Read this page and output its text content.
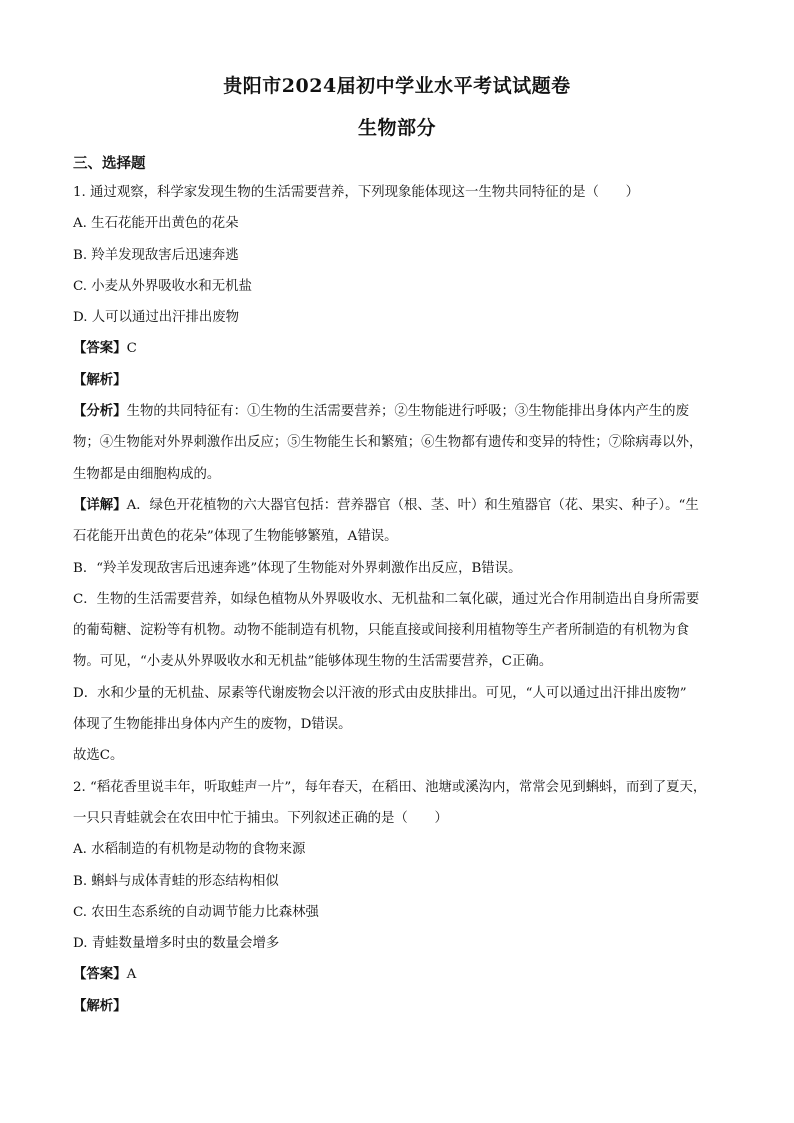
贵阳市2024届初中学业水平考试试题卷
生物部分
三、选择题
1. 通过观察，科学家发现生物的生活需要营养，下列现象能体现这一生物共同特征的是（　　）
A. 生石花能开出黄色的花朵
B. 羚羊发现敌害后迅速奔逃
C. 小麦从外界吸收水和无机盐
D. 人可以通过出汗排出废物
【答案】C
【解析】
【分析】生物的共同特征有：①生物的生活需要营养；②生物能进行呼吸；③生物能排出身体内产生的废
物；④生物能对外界刺激作出反应；⑤生物能生长和繁殖；⑥生物都有遗传和变异的特性；⑦除病毒以外，
生物都是由细胞构成的。
【详解】A．绿色开花植物的六大器官包括：营养器官（根、茎、叶）和生殖器官（花、果实、种子）。“生
石花能开出黄色的花朵”体现了生物能够繁殖，A错误。
B．“羚羊发现敌害后迅速奔逃”体现了生物能对外界刺激作出反应，B错误。
C．生物的生活需要营养，如绿色植物从外界吸收水、无机盐和二氧化碳，通过光合作用制造出自身所需要
的葡萄糖、淀粉等有机物。动物不能制造有机物，只能直接或间接利用植物等生产者所制造的有机物为食
物。可见，“小麦从外界吸收水和无机盐”能够体现生物的生活需要营养，C正确。
D．水和少量的无机盐、尿素等代谢废物会以汗液的形式由皮肤排出。可见，“人可以通过出汗排出废物”
体现了生物能排出身体内产生的废物，D错误。
故选C。
2. “稻花香里说丰年，听取蛙声一片”，每年春天，在稻田、池塘或溪沟内，常常会见到蝌蚪，而到了夏天，
一只只青蛙就会在农田中忙于捕虫。下列叙述正确的是（　　）
A. 水稻制造的有机物是动物的食物来源
B. 蝌蚪与成体青蛙的形态结构相似
C. 农田生态系统的自动调节能力比森林强
D. 青蛙数量增多时虫的数量会增多
【答案】A
【解析】
